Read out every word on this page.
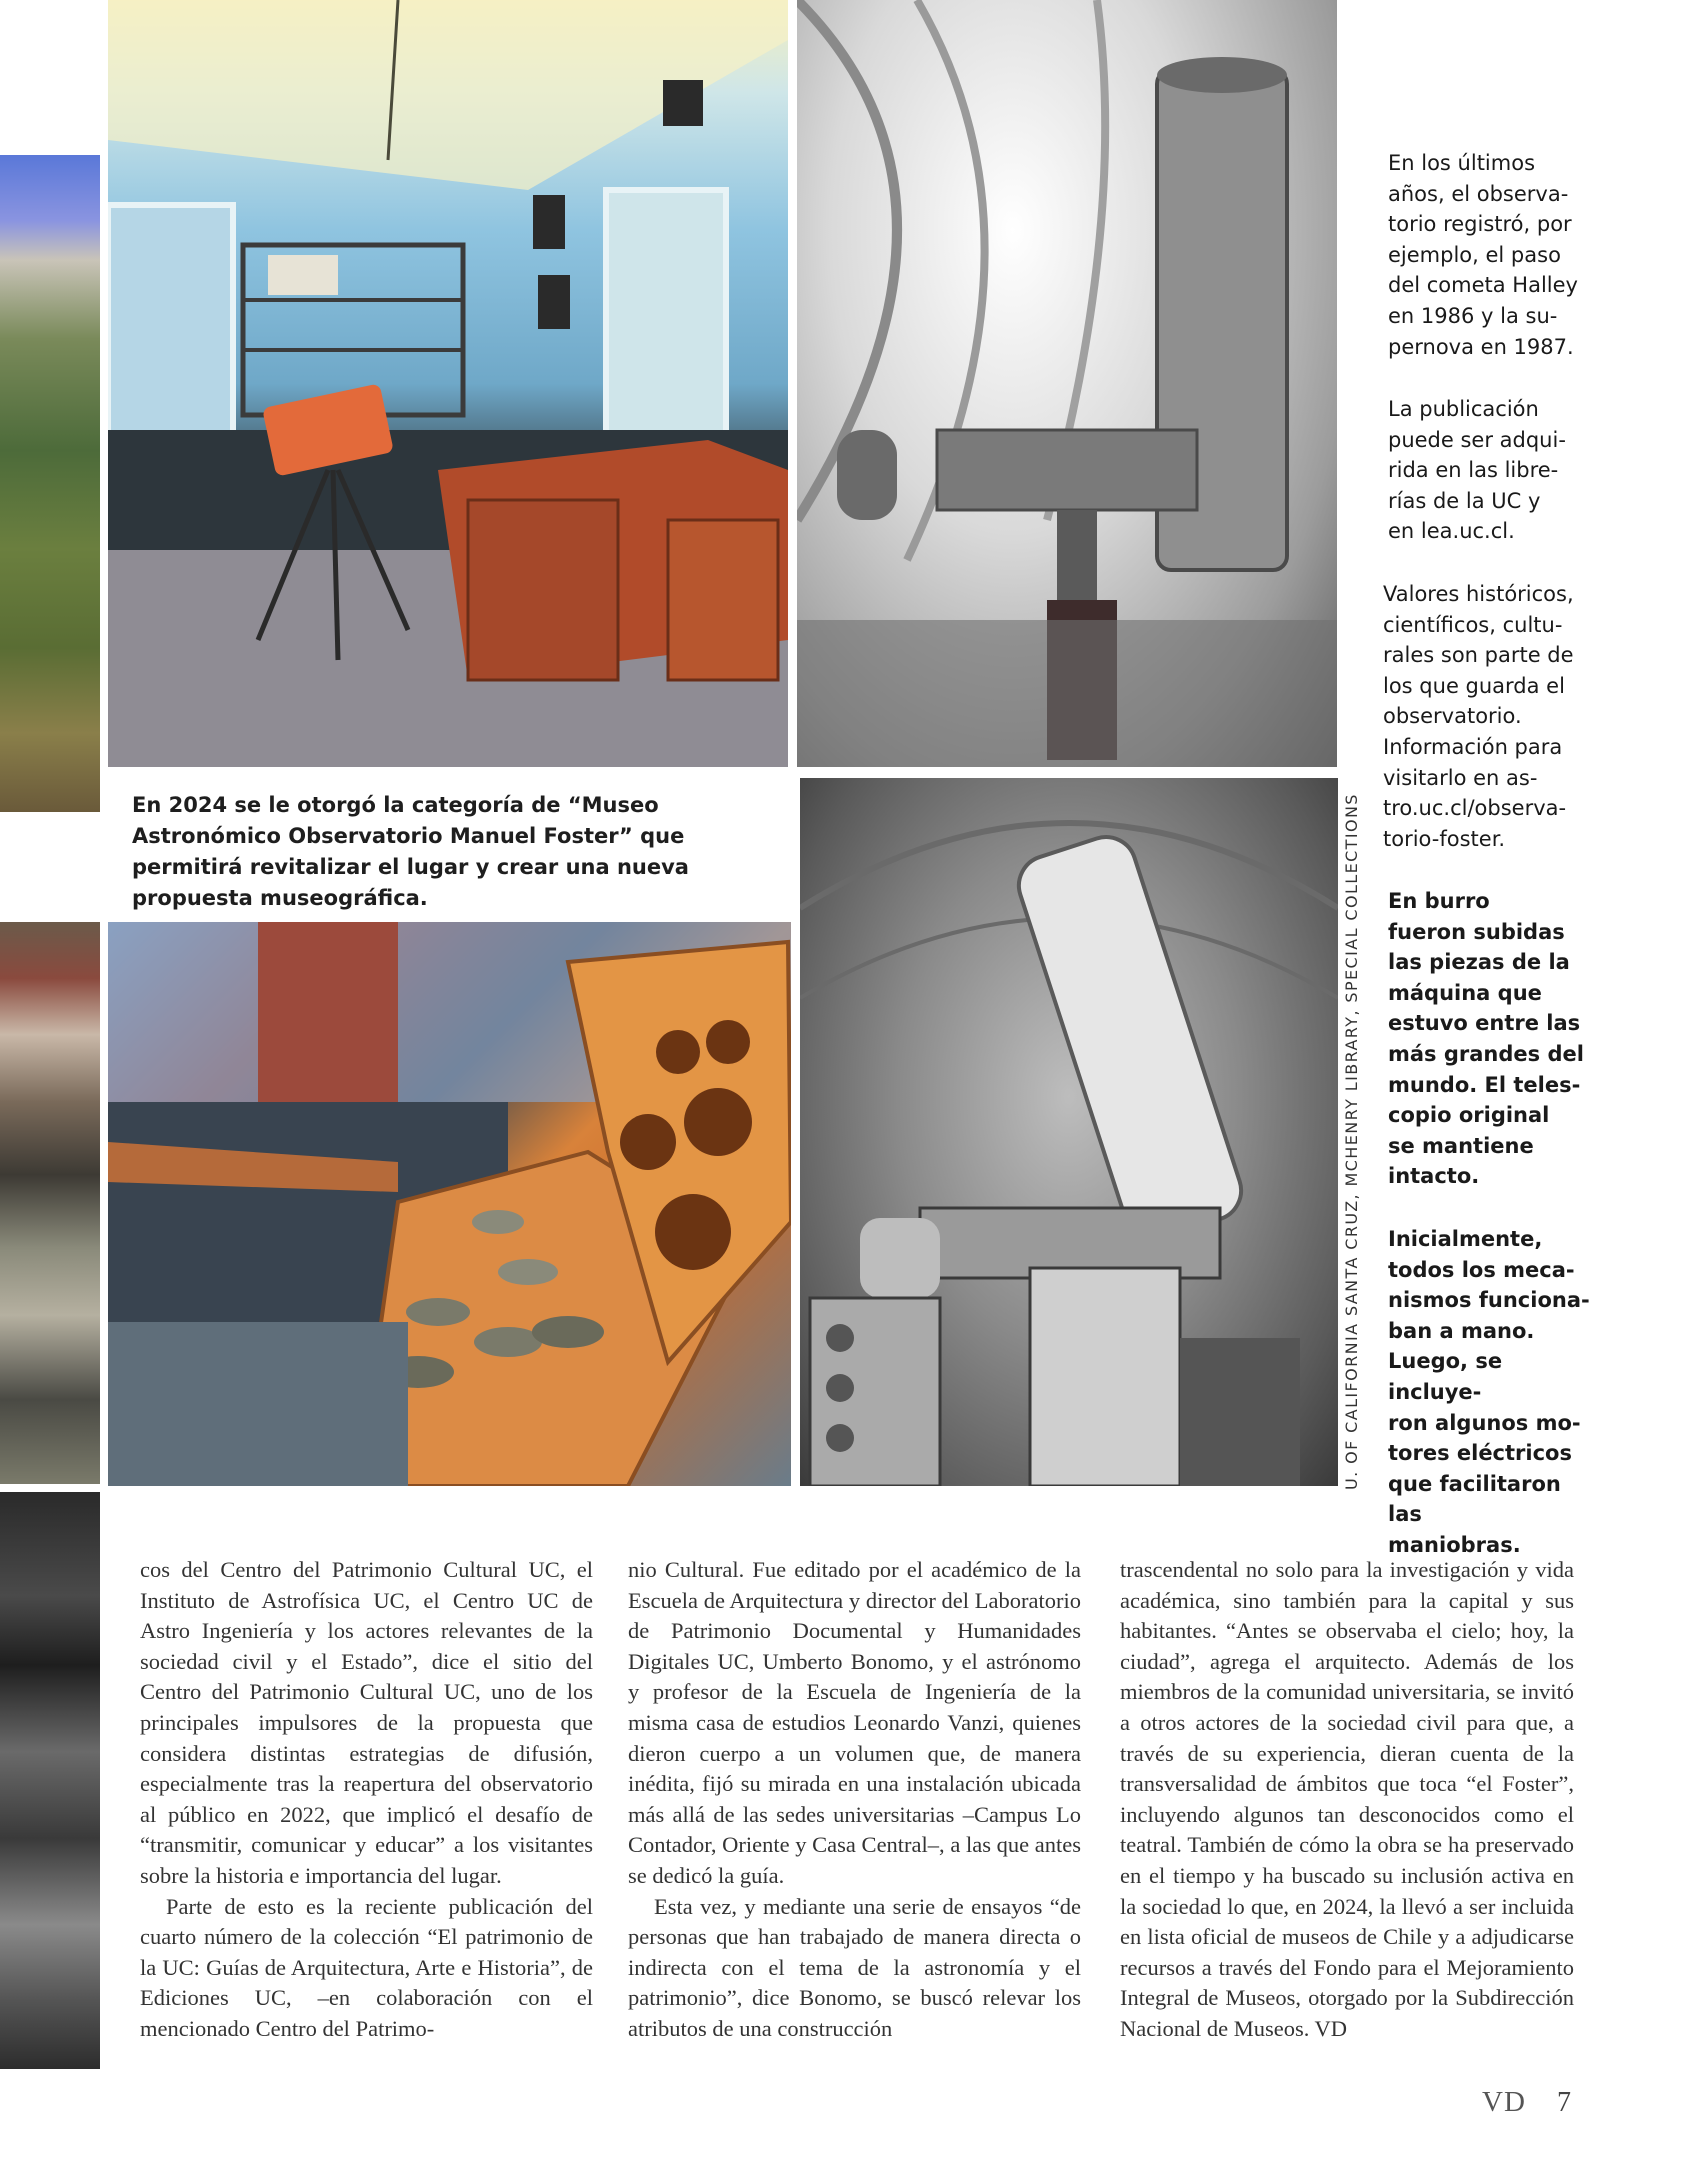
En 2024 se le otorgó la categoría de “Museo Astronómico Observatorio Manuel Foster” que permitirá revitalizar el lugar y crear una nueva propuesta museográfica.	U. OF CALIFORNIA SANTA CRUZ, MCHENRY LIBRARY, SPECIAL COLLECTIONS

En los últimos
años, el observa-
torio registró, por
ejemplo, el paso
del cometa Halley
en 1986 y la su-
pernova en 1987.

La publicación
puede ser adqui-
rida en las libre-
rías de la UC y
en lea.uc.cl.

Valores históricos,
científicos, cultu-
rales son parte de
los que guarda el
observatorio.
Información para
visitarlo en as-
tro.uc.cl/observa-
torio-foster.

En burro
fueron subidas
las piezas de la
máquina que
estuvo entre las
más grandes del
mundo. El teles-
copio original
se mantiene
intacto.

Inicialmente,
todos los meca-
nismos funciona-
ban a mano.
Luego, se incluye-
ron algunos mo-
tores eléctricos
que facilitaron las
maniobras.

cos del Centro del Patrimonio Cultural UC, el Instituto de Astrofísica UC, el Centro UC de Astro Ingeniería y los actores relevantes de la sociedad civil y el Estado”, dice el sitio del Centro del Patrimonio Cultural UC, uno de los principales impulsores de la propuesta que considera distintas estrategias de difusión, especialmente tras la reapertura del observatorio al público en 2022, que implicó el desafío de “transmitir, comunicar y educar” a los visitantes sobre la historia e importancia del lugar.

Parte de esto es la reciente publicación del cuarto número de la colección “El patrimonio de la UC: Guías de Arquitectura, Arte e Historia”, de Ediciones UC, –en colaboración con el mencionado Centro del Patrimo-

nio Cultural. Fue editado por el académico de la Escuela de Arquitectura y director del Laboratorio de Patrimonio Documental y Humanidades Digitales UC, Umberto Bonomo, y el astrónomo y profesor de la Escuela de Ingeniería de la misma casa de estudios Leonardo Vanzi, quienes dieron cuerpo a un volumen que, de manera inédita, fijó su mirada en una instalación ubicada más allá de las sedes universitarias –Campus Lo Contador, Oriente y Casa Central–, a las que antes se dedicó la guía.

Esta vez, y mediante una serie de ensayos “de personas que han trabajado de manera directa o indirecta con el tema de la astronomía y el patrimonio”, dice Bonomo, se buscó relevar los atributos de una construcción

trascendental no solo para la investigación y vida académica, sino también para la capital y sus habitantes. “Antes se observaba el cielo; hoy, la ciudad”, agrega el arquitecto. Además de los miembros de la comunidad universitaria, se invitó a otros actores de la sociedad civil para que, a través de su experiencia, dieran cuenta de la transversalidad de ámbitos que toca “el Foster”, incluyendo algunos tan desconocidos como el teatral. También de cómo la obra se ha preservado en el tiempo y ha buscado su inclusión activa en la sociedad lo que, en 2024, la llevó a ser incluida en lista oficial de museos de Chile y a adjudicarse recursos a través del Fondo para el Mejoramiento Integral de Museos, otorgado por la Subdirección Nacional de Museos. VD

VD 7
